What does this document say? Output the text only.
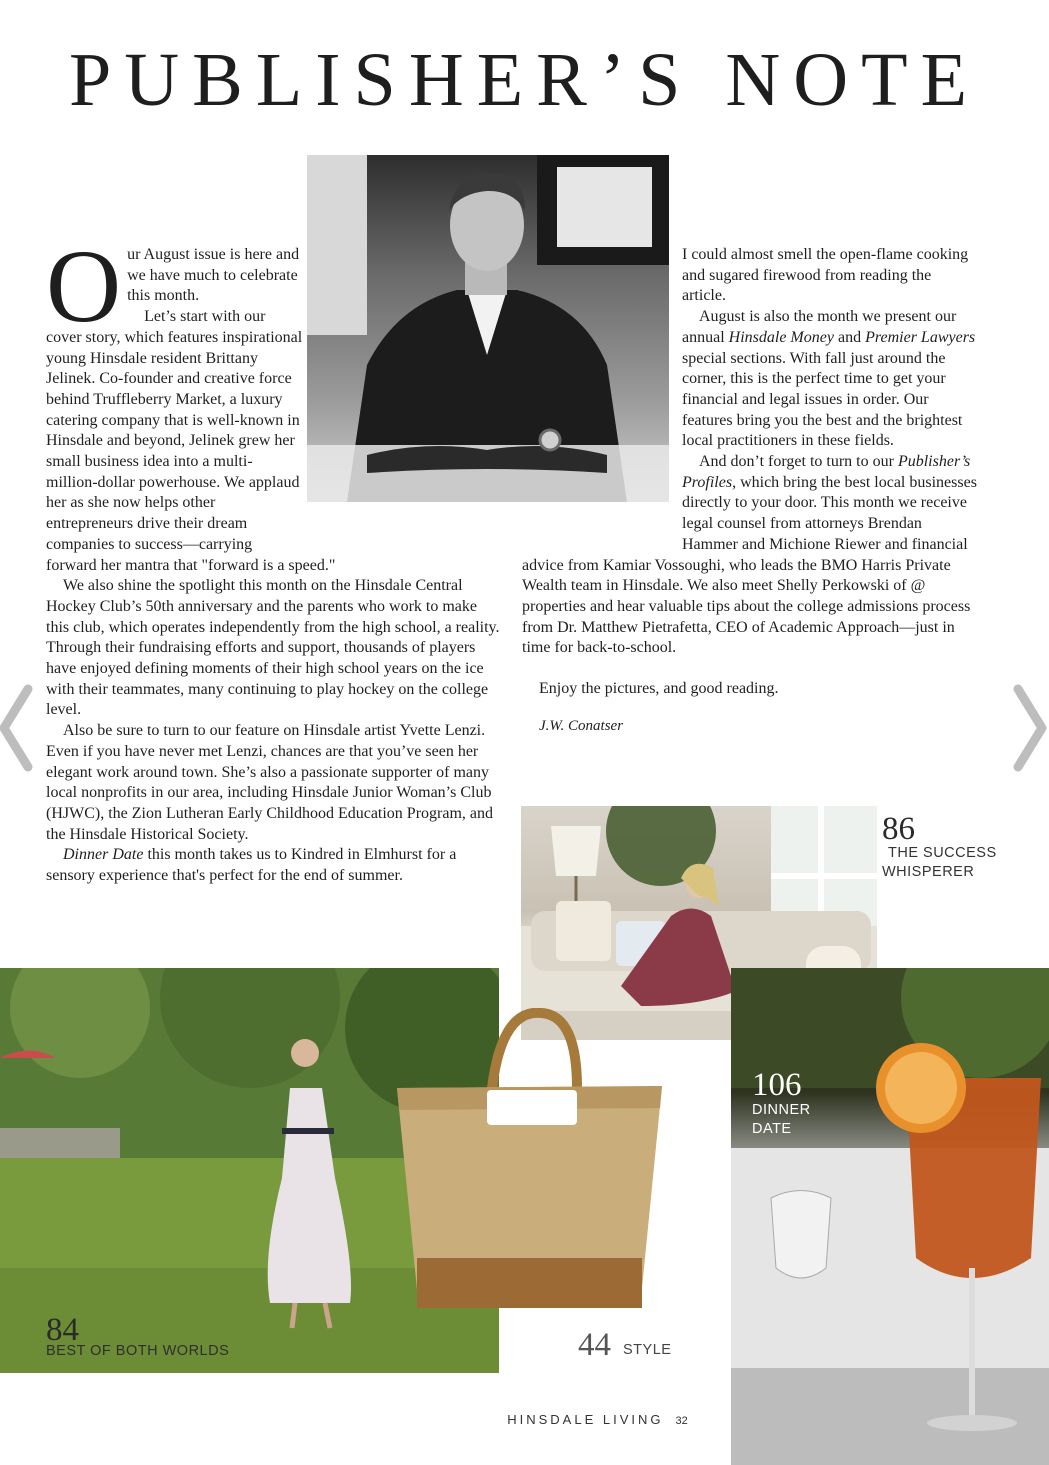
PUBLISHER’S NOTE
O ur August issue is here and we have much to celebrate this month.

Let’s start with our cover story, which features inspirational young Hinsdale resident Brittany Jelinek. Co-founder and creative force behind Truffleberry Market, a luxury catering company that is well-known in Hinsdale and beyond, Jelinek grew her small business idea into a multi-million-dollar powerhouse. We applaud her as she now helps other entrepreneurs drive their dream companies to success—carrying forward her mantra that "forward is a speed."

We also shine the spotlight this month on the Hinsdale Central Hockey Club’s 50th anniversary and the parents who work to make this club, which operates independently from the high school, a reality. Through their fundraising efforts and support, thousands of players have enjoyed defining moments of their high school years on the ice with their teammates, many continuing to play hockey on the college level.

Also be sure to turn to our feature on Hinsdale artist Yvette Lenzi. Even if you have never met Lenzi, chances are that you’ve seen her elegant work around town. She’s also a passionate supporter of many local nonprofits in our area, including Hinsdale Junior Woman’s Club (HJWC), the Zion Lutheran Early Childhood Education Program, and the Hinsdale Historical Society.

Dinner Date this month takes us to Kindred in Elmhurst for a sensory experience that's perfect for the end of summer.

I could almost smell the open-flame cooking and sugared firewood from reading the article.

August is also the month we present our annual Hinsdale Money and Premier Lawyers special sections. With fall just around the corner, this is the perfect time to get your financial and legal issues in order. Our features bring you the best and the brightest local practitioners in these fields.

And don’t forget to turn to our Publisher’s Profiles, which bring the best local businesses directly to your door. This month we receive legal counsel from attorneys Brendan Hammer and Michione Riewer and financial advice from Kamiar Vossoughi, who leads the BMO Harris Private Wealth team in Hinsdale. We also meet Shelly Perkowski of @ properties and hear valuable tips about the college admissions process from Dr. Matthew Pietrafetta, CEO of Academic Approach—just in time for back-to-school.

Enjoy the pictures, and good reading.

J.W. Conatser

86
THE SUCCESS
WHISPERER
106
DINNER
DATE
84
BEST OF BOTH WORLDS	44 STYLE
HINSDALE LIVING 32
